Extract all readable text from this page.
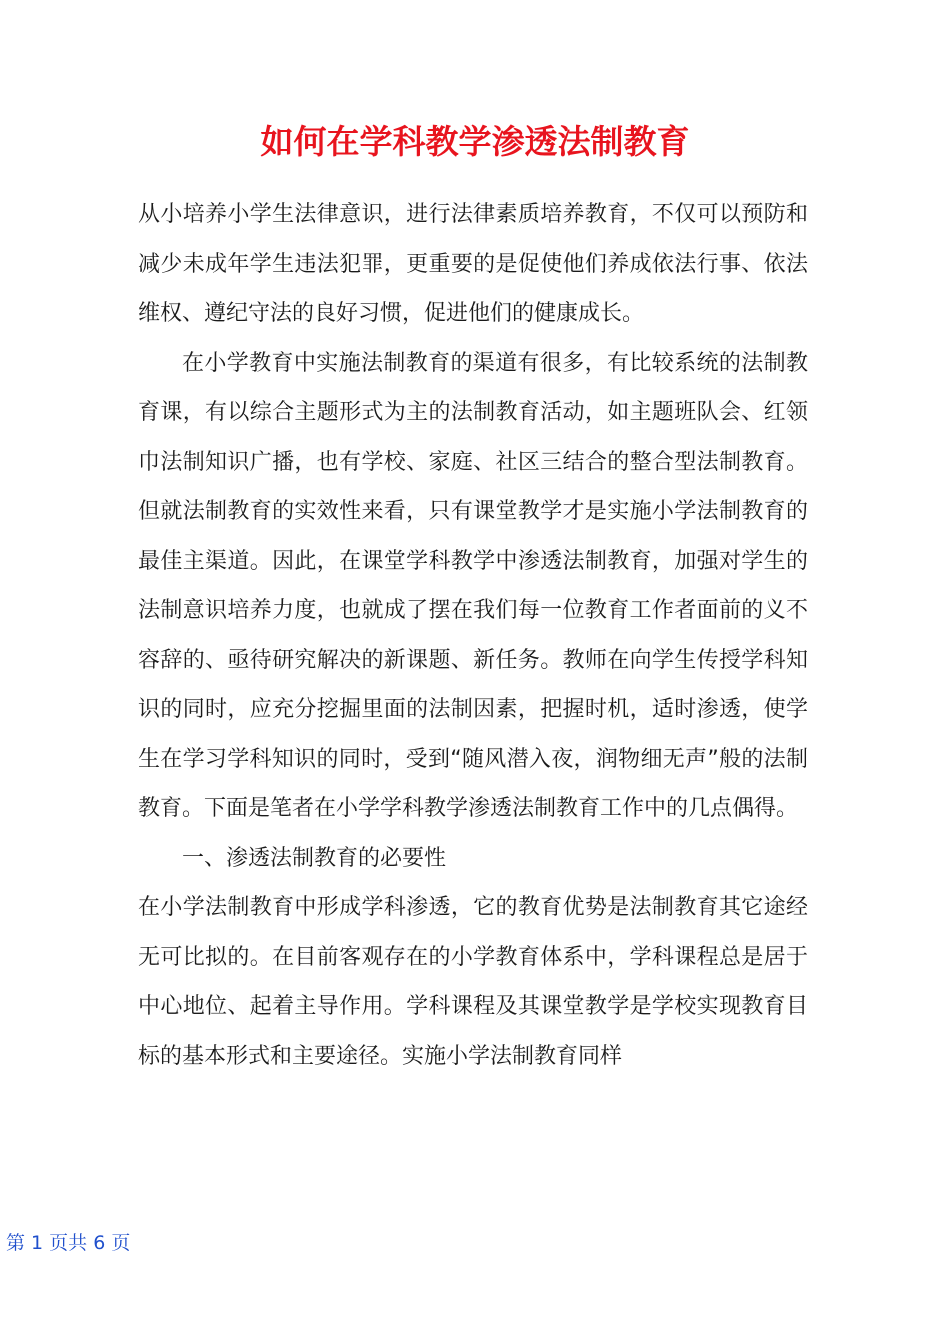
如何在学科教学渗透法制教育

从小培养小学生法律意识，进行法律素质培养教育，不仅可以预防和减少未成年学生违法犯罪，更重要的是促使他们养成依法行事、依法维权、遵纪守法的良好习惯，促进他们的健康成长。

在小学教育中实施法制教育的渠道有很多，有比较系统的法制教育课，有以综合主题形式为主的法制教育活动，如主题班队会、红领巾法制知识广播，也有学校、家庭、社区三结合的整合型法制教育。但就法制教育的实效性来看，只有课堂教学才是实施小学法制教育的最佳主渠道。因此，在课堂学科教学中渗透法制教育，加强对学生的法制意识培养力度，也就成了摆在我们每一位教育工作者面前的义不容辞的、亟待研究解决的新课题、新任务。教师在向学生传授学科知识的同时，应充分挖掘里面的法制因素，把握时机，适时渗透，使学生在学习学科知识的同时，受到“随风潜入夜，润物细无声”般的法制教育。下面是笔者在小学学科教学渗透法制教育工作中的几点偶得。

一、渗透法制教育的必要性

在小学法制教育中形成学科渗透，它的教育优势是法制教育其它途经无可比拟的。在目前客观存在的小学教育体系中，学科课程总是居于中心地位、起着主导作用。学科课程及其课堂教学是学校实现教育目标的基本形式和主要途径。实施小学法制教育同样

第 1 页共 6 页
